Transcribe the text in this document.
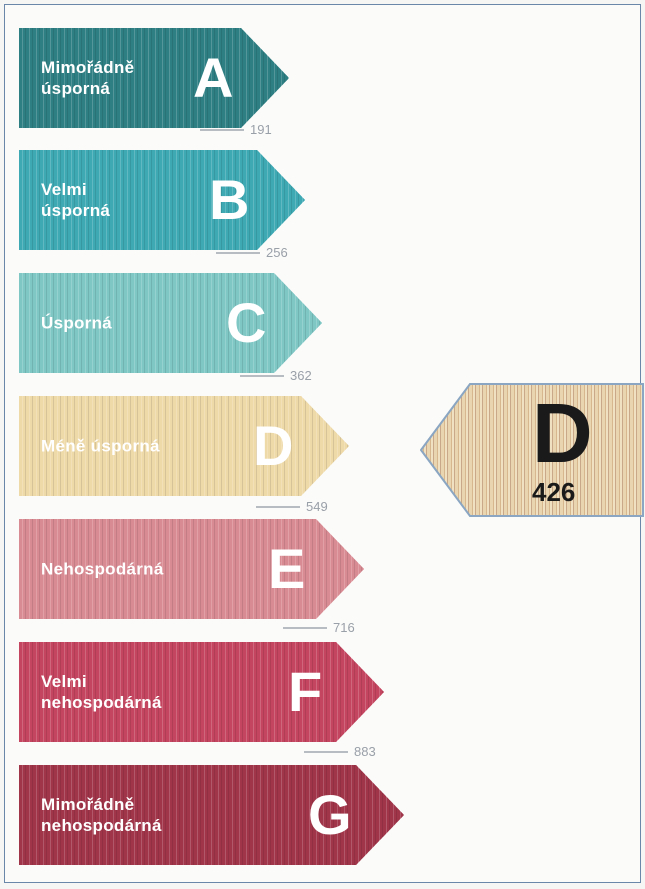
Mimořádně
úsporná	A
191
Velmi
úsporná B
256
Úsporná C
362
Méně úsporná D
549
Nehospodárná E
716
Velmi
nehospodárná F
883
Mimořádně
nehospodárná	G
D
426
